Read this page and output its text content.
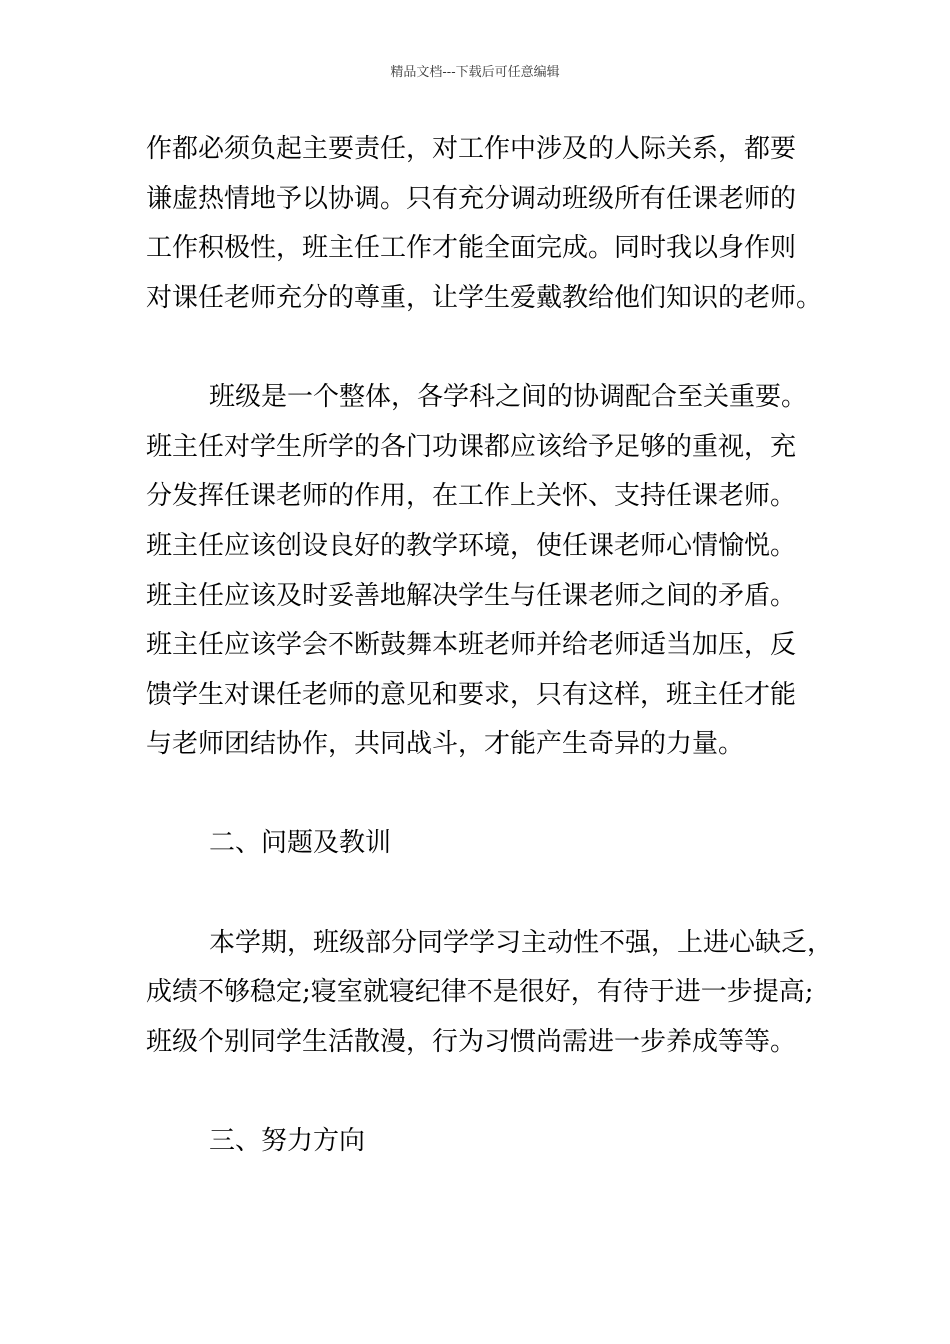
精品文档---下载后可任意编辑
作都必须负起主要责任，对工作中涉及的人际关系，都要
谦虚热情地予以协调。只有充分调动班级所有任课老师的
工作积极性，班主任工作才能全面完成。同时我以身作则
对课任老师充分的尊重，让学生爱戴教给他们知识的老师。
班级是一个整体，各学科之间的协调配合至关重要。
班主任对学生所学的各门功课都应该给予足够的重视，充
分发挥任课老师的作用，在工作上关怀、支持任课老师。
班主任应该创设良好的教学环境，使任课老师心情愉悦。
班主任应该及时妥善地解决学生与任课老师之间的矛盾。
班主任应该学会不断鼓舞本班老师并给老师适当加压，反
馈学生对课任老师的意见和要求，只有这样，班主任才能
与老师团结协作，共同战斗，才能产生奇异的力量。
二、问题及教训
本学期，班级部分同学学习主动性不强，上进心缺乏，
成绩不够稳定;寝室就寝纪律不是很好，有待于进一步提高;
班级个别同学生活散漫，行为习惯尚需进一步养成等等。
三、努力方向
